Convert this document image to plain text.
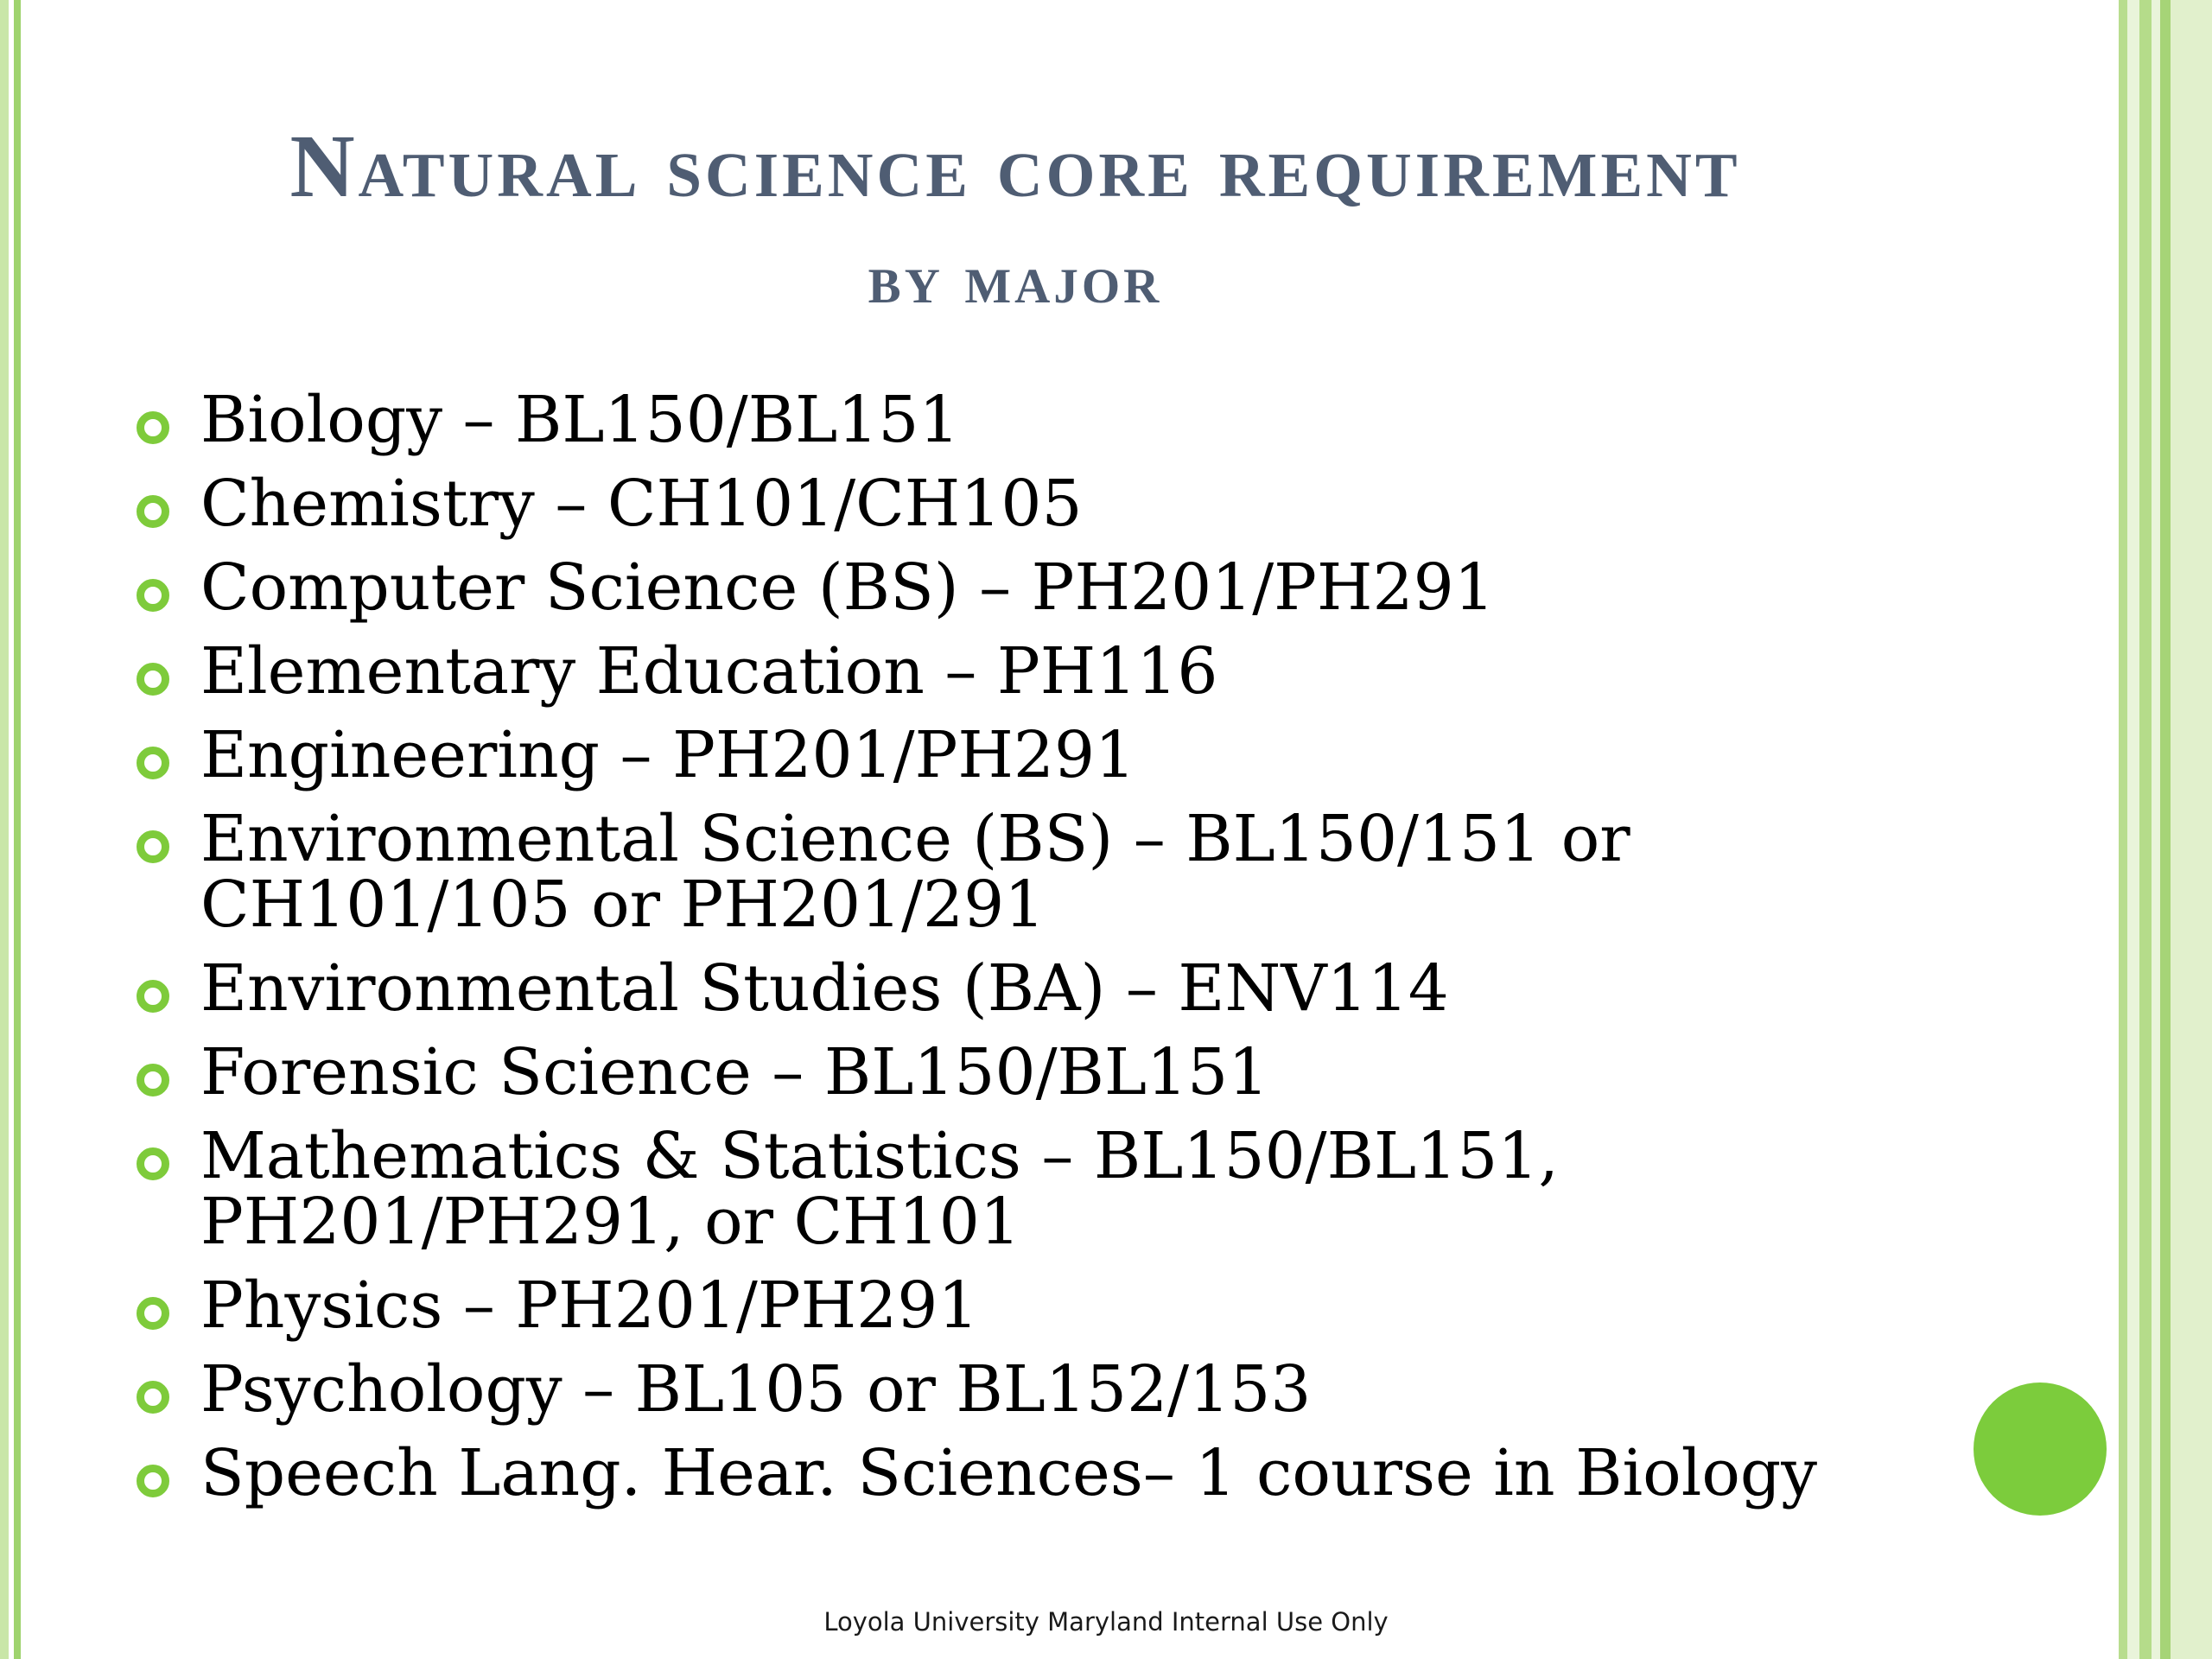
Natural science core requirement
by major
Biology – BL150/BL151
Chemistry – CH101/CH105
Computer Science (BS) – PH201/PH291
Elementary Education – PH116
Engineering – PH201/PH291
Environmental Science (BS) – BL150/151 or CH101/105 or PH201/291
Environmental Studies (BA) – ENV114
Forensic Science – BL150/BL151
Mathematics & Statistics – BL150/BL151, PH201/PH291, or CH101
Physics – PH201/PH291
Psychology – BL105 or BL152/153
Speech Lang. Hear. Sciences– 1 course in Biology
Loyola University Maryland Internal Use Only
